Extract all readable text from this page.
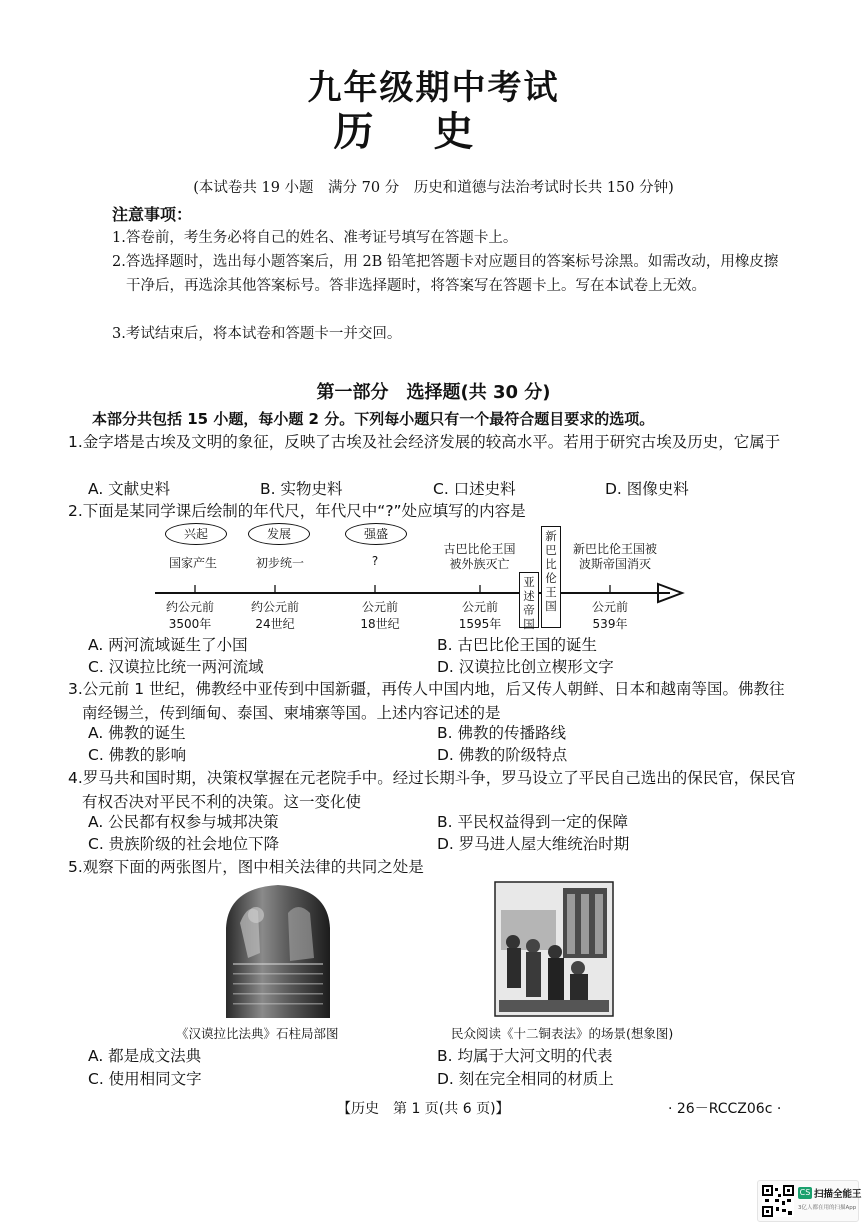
九年级期中考试
历史
(本试卷共 19 小题　满分 70 分　历史和道德与法治考试时长共 150 分钟)
注意事项：
1.答卷前，考生务必将自己的姓名、准考证号填写在答题卡上。
2.答选择题时，选出每小题答案后，用 2B 铅笔把答题卡对应题目的答案标号涂黑。如需改动，用橡皮擦干净后，再选涂其他答案标号。答非选择题时，将答案写在答题卡上。写在本试卷上无效。
3.考试结束后，将本试卷和答题卡一并交回。
第一部分　选择题(共 30 分)
本部分共包括 15 小题，每小题 2 分。下列每小题只有一个最符合题目要求的选项。
1.金字塔是古埃及文明的象征，反映了古埃及社会经济发展的较高水平。若用于研究古埃及历史，它属于
A. 文献史料	B. 实物史料	C. 口述史料	D. 图像史料
2.下面是某同学课后绘制的年代尺，年代尺中“?”处应填写的内容是
兴起	发展	强盛
国家产生	初步统一	?
古巴比伦王国
被外族灭亡
新巴比伦王国被
波斯帝国消灭
亚述帝国
新巴比伦王国
约公元前
3500年
约公元前
24世纪
公元前
18世纪
公元前
1595年
公元前
539年
A. 两河流域诞生了小国	B. 古巴比伦王国的诞生
C. 汉谟拉比统一两河流域	D. 汉谟拉比创立楔形文字
3.公元前 1 世纪，佛教经中亚传到中国新疆，再传人中国内地，后又传人朝鲜、日本和越南等国。佛教往南经锡兰，传到缅甸、泰国、柬埔寨等国。上述内容记述的是
A. 佛教的诞生	B. 佛教的传播路线
C. 佛教的影响	D. 佛教的阶级特点
4.罗马共和国时期，决策权掌握在元老院手中。经过长期斗争，罗马设立了平民自己选出的保民官，保民官有权否决对平民不利的决策。这一变化使
A. 公民都有权参与城邦决策	B. 平民权益得到一定的保障
C. 贵族阶级的社会地位下降	D. 罗马进人屋大维统治时期
5.观察下面的两张图片，图中相关法律的共同之处是
《汉谟拉比法典》石柱局部图	民众阅读《十二铜表法》的场景(想象图)
A. 都是成文法典	B. 均属于大河文明的代表
C. 使用相同文字	D. 刻在完全相同的材质上
【历史　第 1 页(共 6 页)】	· 26－RCCZ06c ·
CS 扫描全能王
3亿人都在用的扫描App
